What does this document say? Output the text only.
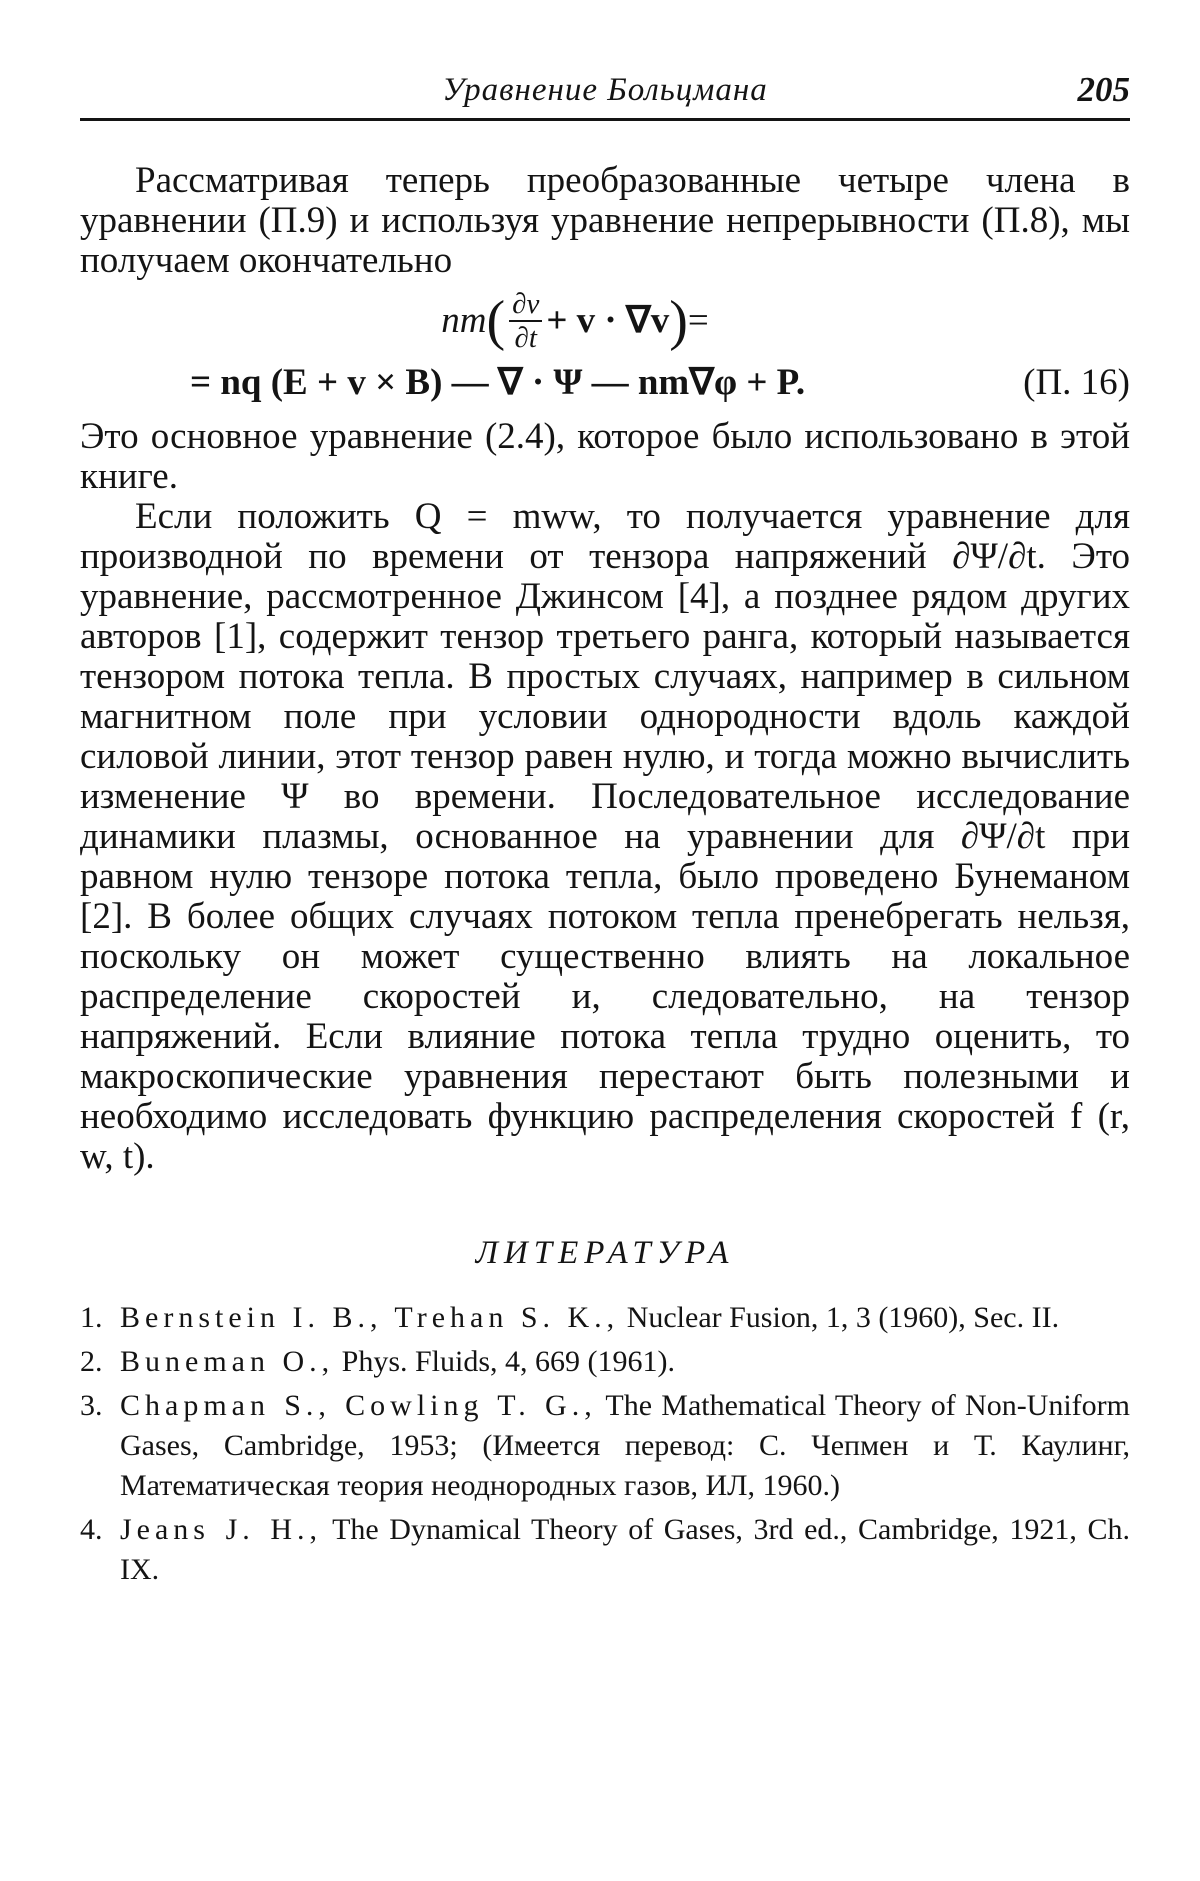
Уравнение Больцмана	205

Рассматривая теперь преобразованные четыре члена в уравнении (П.9) и используя уравнение непрерывности (П.8), мы получаем окончательно

nm ( $\frac{\partial v}{\partial t} + v \cdot \nabla v$ ) =
= nq (E + v × B) — ∇ · Ψ — nm∇φ + P.	(П. 16)

Это основное уравнение (2.4), которое было использовано в этой книге.

Если положить Q = mww, то получается уравнение для производной по времени от тензора напряжений ∂Ψ/∂t. Это уравнение, рассмотренное Джинсом [4], а позднее рядом других авторов [1], содержит тензор третьего ранга, который называется тензором потока тепла. В простых случаях, например в сильном магнитном поле при условии однородности вдоль каждой силовой линии, этот тензор равен нулю, и тогда можно вычислить изменение Ψ во времени. Последовательное исследование динамики плазмы, основанное на уравнении для ∂Ψ/∂t при равном нулю тензоре потока тепла, было проведено Бунеманом [2]. В более общих случаях потоком тепла пренебрегать нельзя, поскольку он может существенно влиять на локальное распределение скоростей и, следовательно, на тензор напряжений. Если влияние потока тепла трудно оценить, то макроскопические уравнения перестают быть полезными и необходимо исследовать функцию распределения скоростей f (r, w, t).

ЛИТЕРАТУРА
1. Bernstein I. B., Trehan S. K., Nuclear Fusion, 1, 3 (1960), Sec. II.
2. Buneman O., Phys. Fluids, 4, 669 (1961).
3. Chapman S., Cowling T. G., The Mathematical Theory of Non-Uniform Gases, Cambridge, 1953; (Имеется перевод: С. Чепмен и Т. Каулинг, Математическая теория неоднородных газов, ИЛ, 1960.)
4. Jeans J. H., The Dynamical Theory of Gases, 3rd ed., Cambridge, 1921, Ch. IX.
